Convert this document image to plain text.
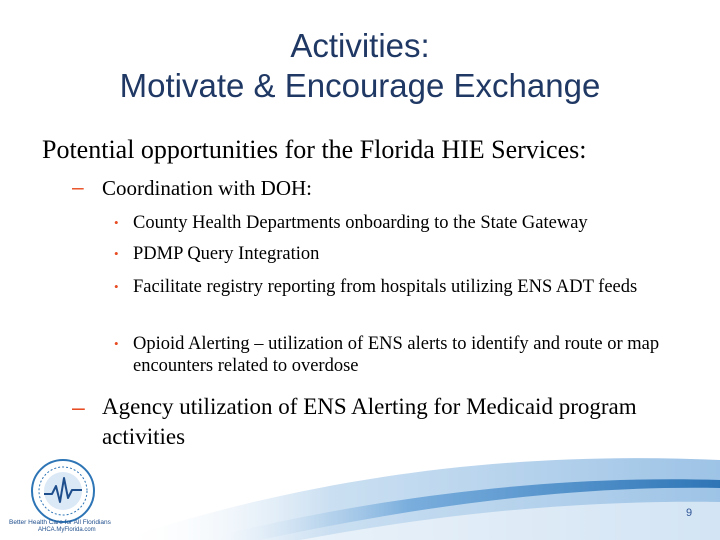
Activities:
Motivate & Encourage Exchange
Potential opportunities for the Florida HIE Services:
– Coordination with DOH:
• County Health Departments onboarding to the State Gateway
• PDMP Query Integration
• Facilitate registry reporting from hospitals utilizing ENS ADT feeds
• Opioid Alerting – utilization of ENS alerts to identify and route or map encounters related to overdose
– Agency utilization of ENS Alerting for Medicaid program activities
Better Health Care for All Floridians
AHCA.MyFlorida.com
9
